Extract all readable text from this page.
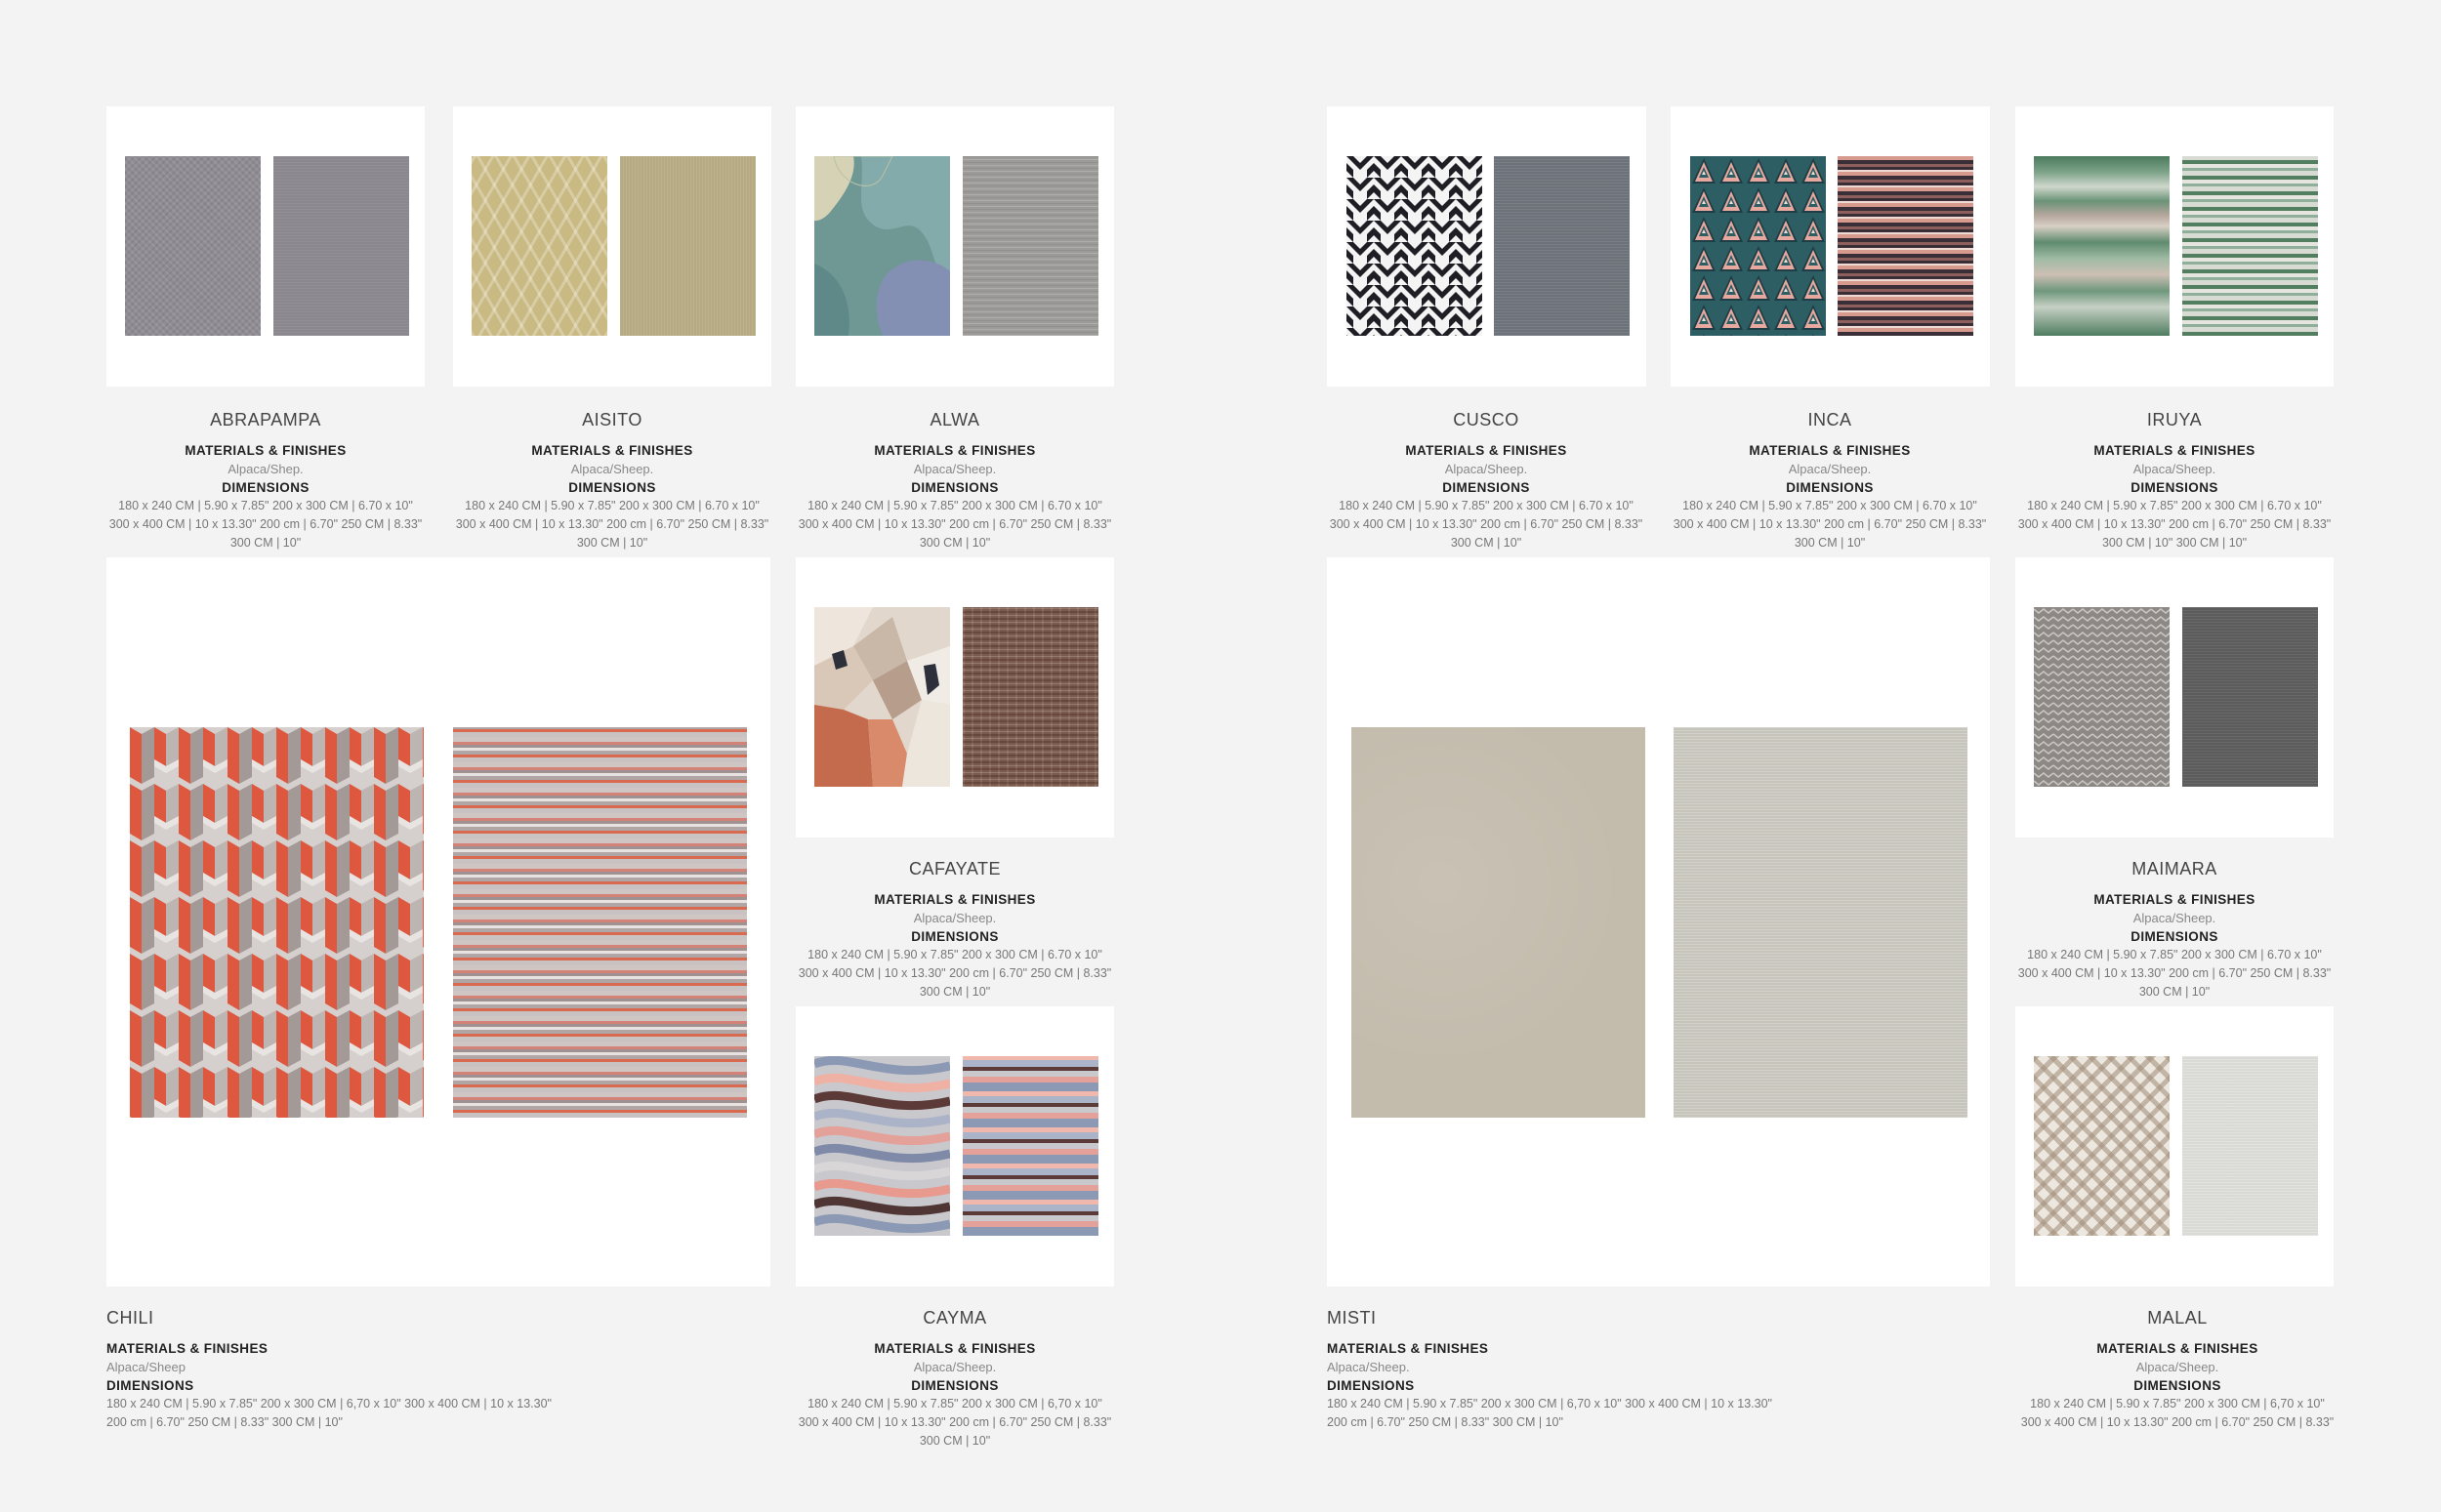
ABRAPAMPA
MATERIALS & FINISHES
Alpaca/Shep.
DIMENSIONS
180 x 240 CM | 5.90 x 7.85" 200 x 300 CM | 6.70 x 10"
300 x 400 CM | 10 x 13.30" 200 cm | 6.70" 250 CM | 8.33"
300 CM | 10"
AISITO
MATERIALS & FINISHES
Alpaca/Sheep.
DIMENSIONS
180 x 240 CM | 5.90 x 7.85" 200 x 300 CM | 6.70 x 10"
300 x 400 CM | 10 x 13.30" 200 cm | 6.70" 250 CM | 8.33"
300 CM | 10"
ALWA
MATERIALS & FINISHES
Alpaca/Sheep.
DIMENSIONS
180 x 240 CM | 5.90 x 7.85" 200 x 300 CM | 6.70 x 10"
300 x 400 CM | 10 x 13.30" 200 cm | 6.70" 250 CM | 8.33"
300 CM | 10"
CHILI
MATERIALS & FINISHES
Alpaca/Sheep
DIMENSIONS
180 x 240 CM | 5.90 x 7.85" 200 x 300 CM | 6,70 x 10" 300 x 400 CM | 10 x 13.30"
200 cm | 6.70" 250 CM | 8.33" 300 CM | 10"
CAFAYATE
MATERIALS & FINISHES
Alpaca/Sheep.
DIMENSIONS
180 x 240 CM | 5.90 x 7.85" 200 x 300 CM | 6.70 x 10"
300 x 400 CM | 10 x 13.30" 200 cm | 6.70" 250 CM | 8.33"
300 CM | 10"
CAYMA
MATERIALS & FINISHES
Alpaca/Sheep.
DIMENSIONS
180 x 240 CM | 5.90 x 7.85" 200 x 300 CM | 6,70 x 10"
300 x 400 CM | 10 x 13.30" 200 cm | 6.70" 250 CM | 8.33"
300 CM | 10"
CUSCO
MATERIALS & FINISHES
Alpaca/Sheep.
DIMENSIONS
180 x 240 CM | 5.90 x 7.85" 200 x 300 CM | 6.70 x 10"
300 x 400 CM | 10 x 13.30" 200 cm | 6.70" 250 CM | 8.33"
300 CM | 10"
INCA
MATERIALS & FINISHES
Alpaca/Sheep.
DIMENSIONS
180 x 240 CM | 5.90 x 7.85" 200 x 300 CM | 6.70 x 10"
300 x 400 CM | 10 x 13.30" 200 cm | 6.70" 250 CM | 8.33"
300 CM | 10"
IRUYA
MATERIALS & FINISHES
Alpaca/Sheep.
DIMENSIONS
180 x 240 CM | 5.90 x 7.85" 200 x 300 CM | 6.70 x 10"
300 x 400 CM | 10 x 13.30" 200 cm | 6.70" 250 CM | 8.33"
300 CM | 10" 300 CM | 10"
MISTI
MATERIALS & FINISHES
Alpaca/Sheep.
DIMENSIONS
180 x 240 CM | 5.90 x 7.85" 200 x 300 CM | 6,70 x 10" 300 x 400 CM | 10 x 13.30"
200 cm | 6.70" 250 CM | 8.33" 300 CM | 10"
MAIMARA
MATERIALS & FINISHES
Alpaca/Sheep.
DIMENSIONS
180 x 240 CM | 5.90 x 7.85" 200 x 300 CM | 6.70 x 10"
300 x 400 CM | 10 x 13.30" 200 cm | 6.70" 250 CM | 8.33"
300 CM | 10"
MALAL
MATERIALS & FINISHES
Alpaca/Sheep.
DIMENSIONS
180 x 240 CM | 5.90 x 7.85" 200 x 300 CM | 6,70 x 10"
300 x 400 CM | 10 x 13.30" 200 cm | 6.70" 250 CM | 8.33"
